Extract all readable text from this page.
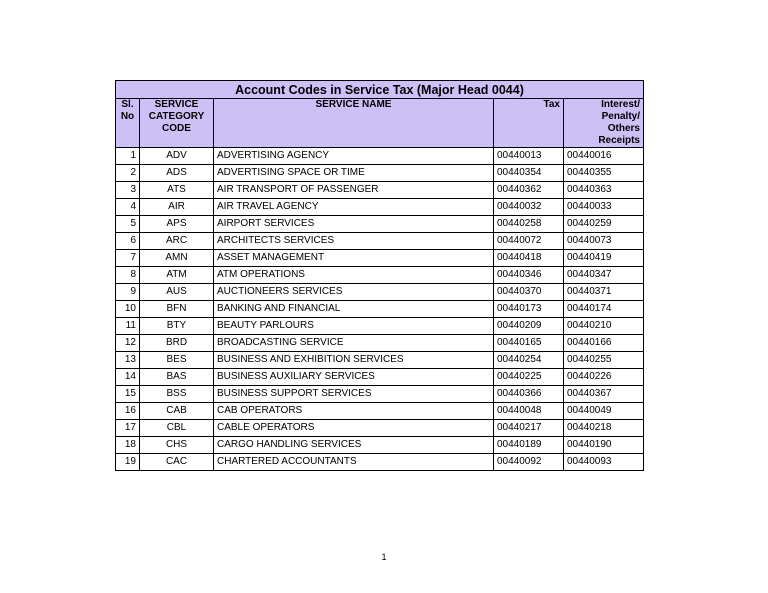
Account Codes in Service Tax (Major Head 0044)				
Sl. No	SERVICE CATEGORY CODE	SERVICE NAME	Tax	Interest/ Penalty/ Others Receipts
1	ADV	ADVERTISING AGENCY	00440013	00440016
2	ADS	ADVERTISING SPACE OR TIME	00440354	00440355
3	ATS	AIR TRANSPORT OF PASSENGER	00440362	00440363
4	AIR	AIR TRAVEL AGENCY	00440032	00440033
5	APS	AIRPORT SERVICES	00440258	00440259
6	ARC	ARCHITECTS SERVICES	00440072	00440073
7	AMN	ASSET MANAGEMENT	00440418	00440419
8	ATM	ATM OPERATIONS	00440346	00440347
9	AUS	AUCTIONEERS SERVICES	00440370	00440371
10	BFN	BANKING AND FINANCIAL	00440173	00440174
11	BTY	BEAUTY PARLOURS	00440209	00440210
12	BRD	BROADCASTING SERVICE	00440165	00440166
13	BES	BUSINESS AND EXHIBITION SERVICES	00440254	00440255
14	BAS	BUSINESS AUXILIARY SERVICES	00440225	00440226
15	BSS	BUSINESS SUPPORT SERVICES	00440366	00440367
16	CAB	CAB OPERATORS	00440048	00440049
17	CBL	CABLE OPERATORS	00440217	00440218
18	CHS	CARGO HANDLING SERVICES	00440189	00440190
19	CAC	CHARTERED ACCOUNTANTS	00440092	00440093
1
